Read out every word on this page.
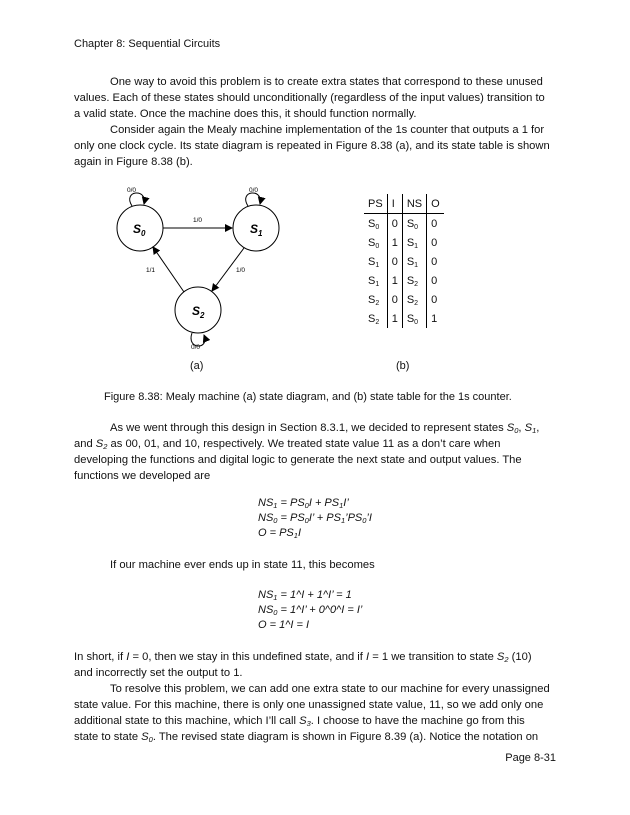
Chapter 8: Sequential Circuits
One way to avoid this problem is to create extra states that correspond to these unused
values. Each of these states should unconditionally (regardless of the input values) transition to
a valid state. Once the machine does this, it should function normally.
Consider again the Mealy machine implementation of the 1s counter that outputs a 1 for
only one clock cycle. Its state diagram is repeated in Figure 8.38 (a), and its state table is shown
again in Figure 8.38 (b).
$S_0$	$S_1$
$S_2$
0/0	0/0
0/0
1/0
1/1	1/0
(a)
PS	I	NS	O
$S_0$	0	$S_0$	0
$S_0$	1	$S_1$	0
$S_1$	0	$S_1$	0
$S_1$	1	$S_2$	0
$S_2$	0	$S_2$	0
$S_2$	1	$S_0$	1
(b)
Figure 8.38: Mealy machine (a) state diagram, and (b) state table for the 1s counter.
As we went through this design in Section 8.3.1, we decided to represent states $S_0$, $S_1$,
and $S_2$ as 00, 01, and 10, respectively. We treated state value 11 as a don’t care when
developing the functions and digital logic to generate the next state and output values. The
functions we developed are
$NS_1 = PS_0I + PS_1I$’
$NS_0 = PS_0I$’ + $PS_1’PS_0’I$
$O = PS_1I$
If our machine ever ends up in state 11, this becomes
$NS_1$ = 1^I + 1^I’ = 1
$NS_0$ = 1^I’ + 0^0^I = I’
O = 1^I = I
In short, if I = 0, then we stay in this undefined state, and if I = 1 we transition to state $S_2$ (10)
and incorrectly set the output to 1.
To resolve this problem, we can add one extra state to our machine for every unassigned
state value. For this machine, there is only one unassigned state value, 11, so we add only one
additional state to this machine, which I’ll call $S_3$. I choose to have the machine go from this
state to state $S_0$. The revised state diagram is shown in Figure 8.39 (a). Notice the notation on
Page 8-31
